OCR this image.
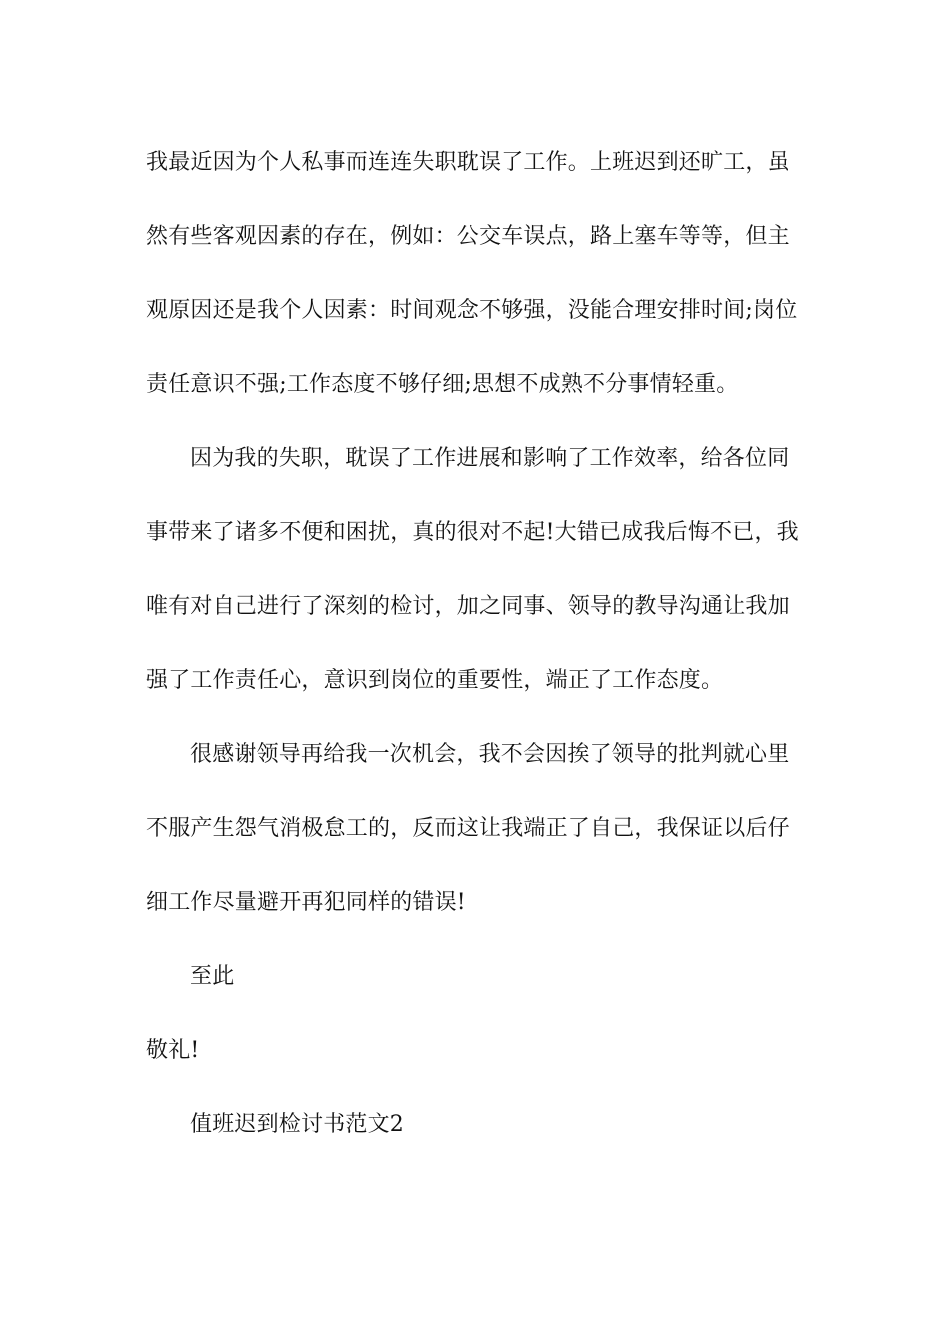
我最近因为个人私事而连连失职耽误了工作。上班迟到还旷工，虽
然有些客观因素的存在，例如：公交车误点，路上塞车等等，但主
观原因还是我个人因素：时间观念不够强，没能合理安排时间;岗位
责任意识不强;工作态度不够仔细;思想不成熟不分事情轻重。

因为我的失职，耽误了工作进展和影响了工作效率，给各位同
事带来了诸多不便和困扰，真的很对不起!大错已成我后悔不已，我
唯有对自己进行了深刻的检讨，加之同事、领导的教导沟通让我加
强了工作责任心，意识到岗位的重要性，端正了工作态度。

很感谢领导再给我一次机会，我不会因挨了领导的批判就心里
不服产生怨气消极怠工的，反而这让我端正了自己，我保证以后仔
细工作尽量避开再犯同样的错误!

至此

敬礼!

值班迟到检讨书范文2
